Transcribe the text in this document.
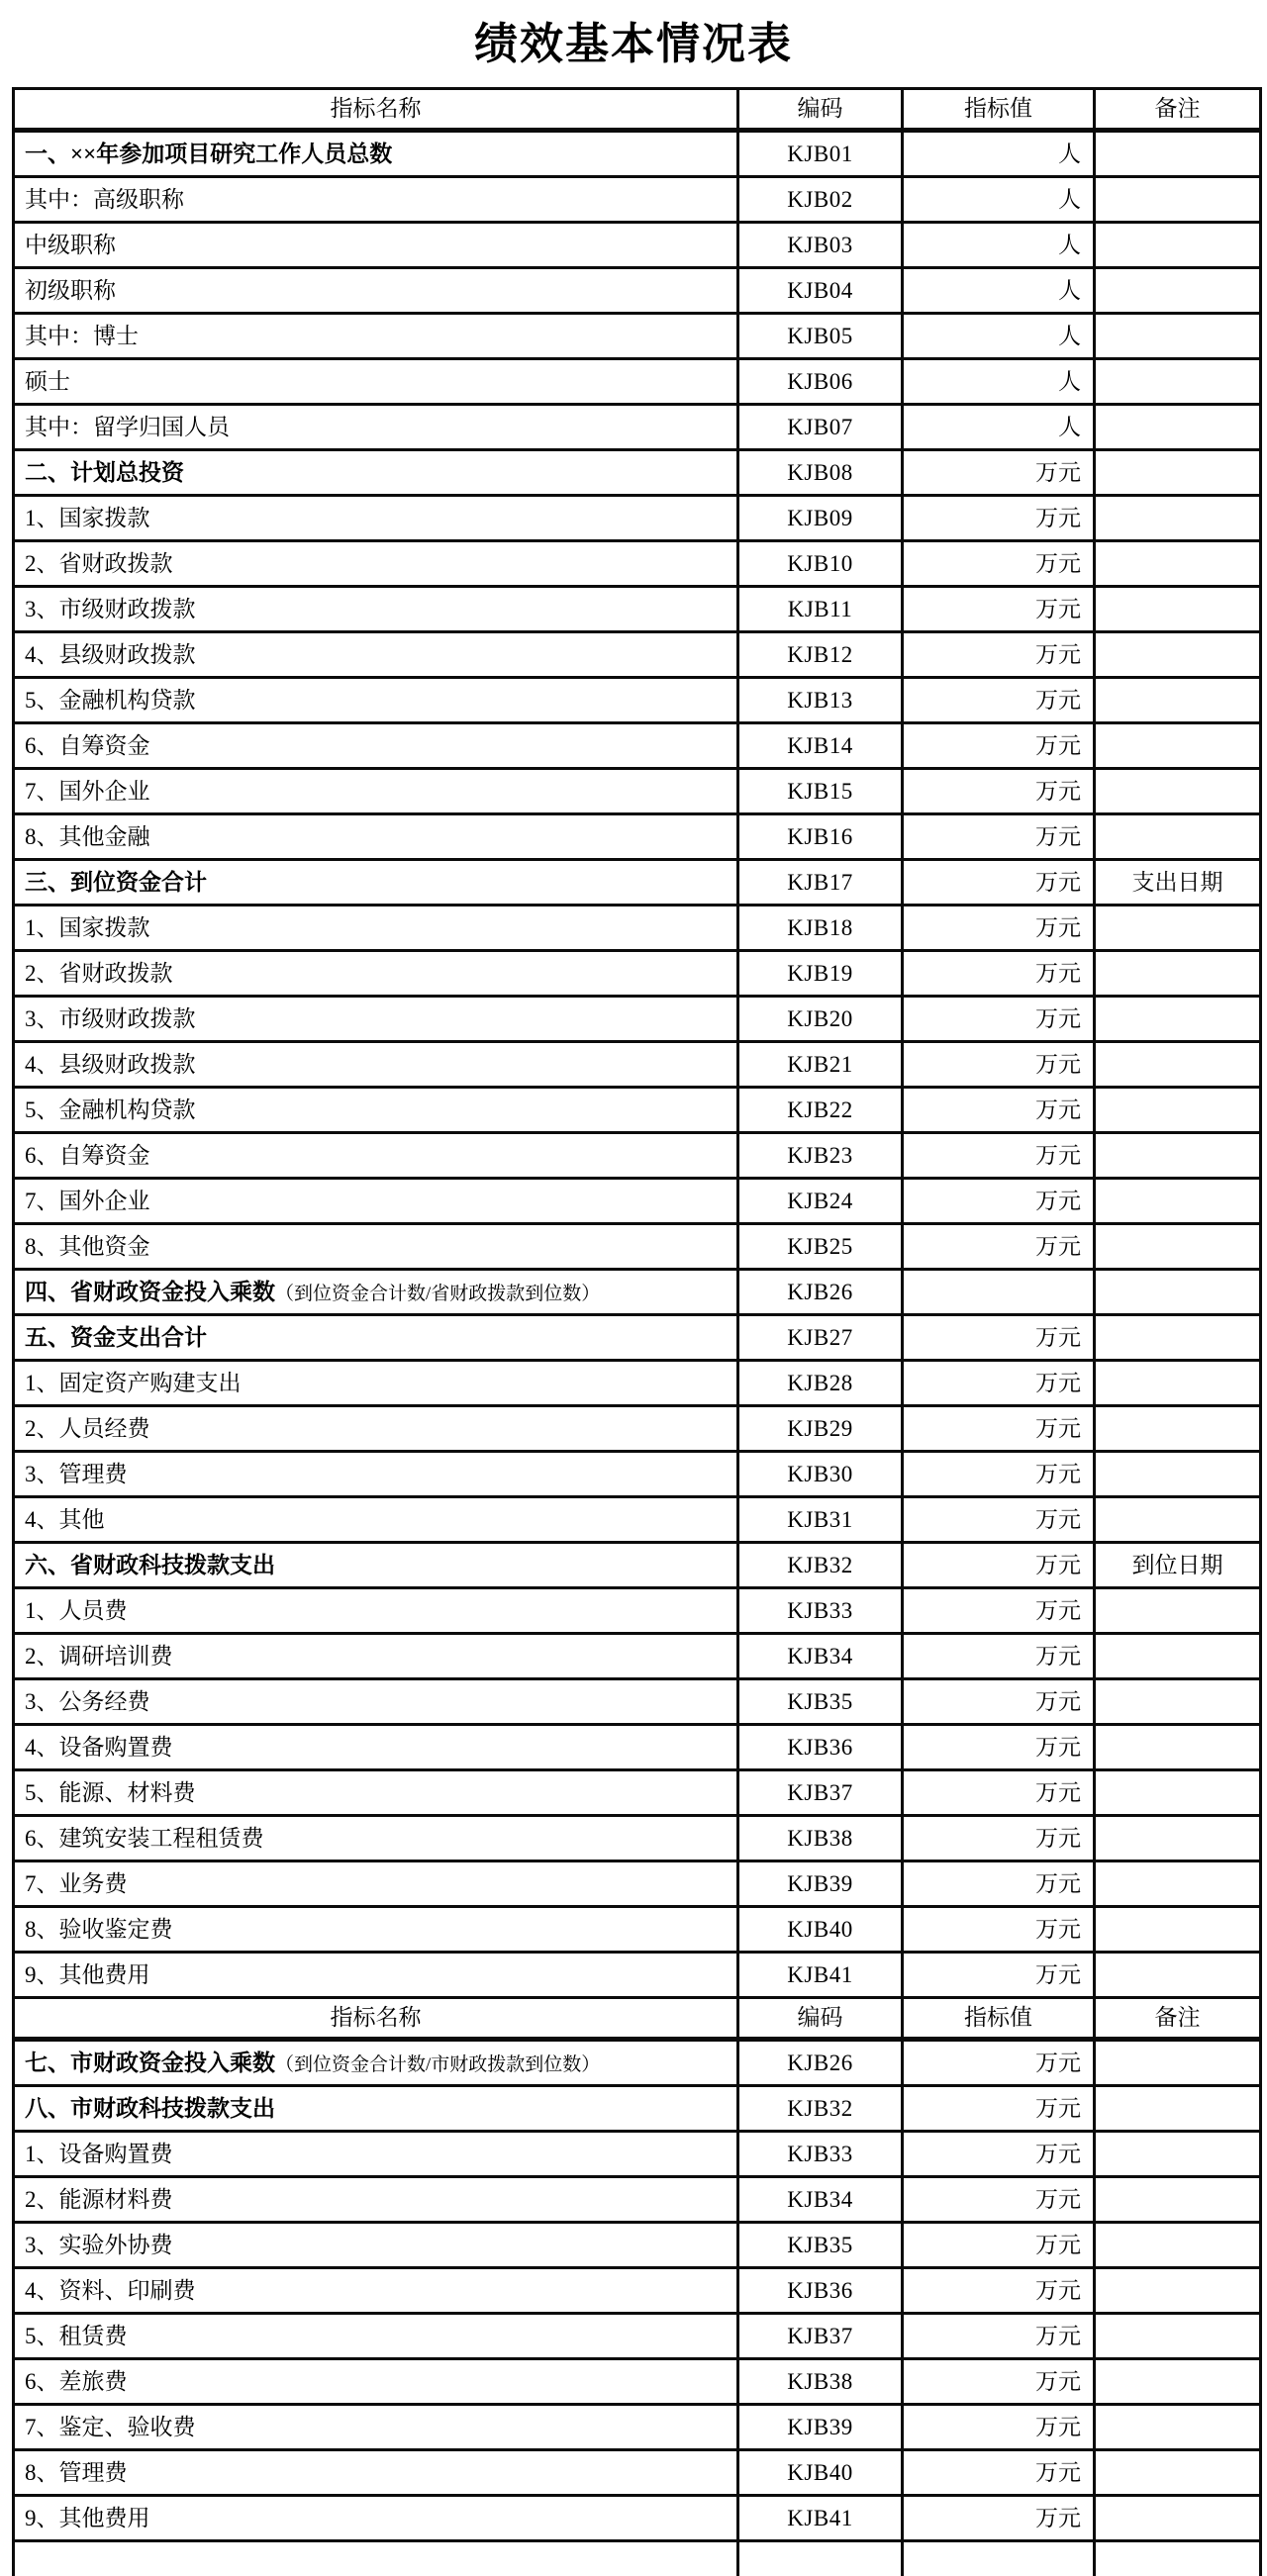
绩效基本情况表
指标名称	编码	指标值	备注
一、××年参加项目研究工作人员总数	KJB01	人	
其中：高级职称	KJB02	人	
中级职称	KJB03	人	
初级职称	KJB04	人	
其中：博士	KJB05	人	
硕士	KJB06	人	
其中：留学归国人员	KJB07	人	
二、计划总投资	KJB08	万元	
1、国家拨款	KJB09	万元	
2、省财政拨款	KJB10	万元	
3、市级财政拨款	KJB11	万元	
4、县级财政拨款	KJB12	万元	
5、金融机构贷款	KJB13	万元	
6、自筹资金	KJB14	万元	
7、国外企业	KJB15	万元	
8、其他金融	KJB16	万元	
三、到位资金合计	KJB17	万元	支出日期
1、国家拨款	KJB18	万元	
2、省财政拨款	KJB19	万元	
3、市级财政拨款	KJB20	万元	
4、县级财政拨款	KJB21	万元	
5、金融机构贷款	KJB22	万元	
6、自筹资金	KJB23	万元	
7、国外企业	KJB24	万元	
8、其他资金	KJB25	万元	
四、省财政资金投入乘数（到位资金合计数/省财政拨款到位数）	KJB26		
五、资金支出合计	KJB27	万元	
1、固定资产购建支出	KJB28	万元	
2、人员经费	KJB29	万元	
3、管理费	KJB30	万元	
4、其他	KJB31	万元	
六、省财政科技拨款支出	KJB32	万元	到位日期
1、人员费	KJB33	万元	
2、调研培训费	KJB34	万元	
3、公务经费	KJB35	万元	
4、设备购置费	KJB36	万元	
5、能源、材料费	KJB37	万元	
6、建筑安装工程租赁费	KJB38	万元	
7、业务费	KJB39	万元	
8、验收鉴定费	KJB40	万元	
9、其他费用	KJB41	万元	
指标名称	编码	指标值	备注
七、市财政资金投入乘数（到位资金合计数/市财政拨款到位数）	KJB26	万元	
八、市财政科技拨款支出	KJB32	万元	
1、设备购置费	KJB33	万元	
2、能源材料费	KJB34	万元	
3、实验外协费	KJB35	万元	
4、资料、印刷费	KJB36	万元	
5、租赁费	KJB37	万元	
6、差旅费	KJB38	万元	
7、鉴定、验收费	KJB39	万元	
8、管理费	KJB40	万元	
9、其他费用	KJB41	万元	
